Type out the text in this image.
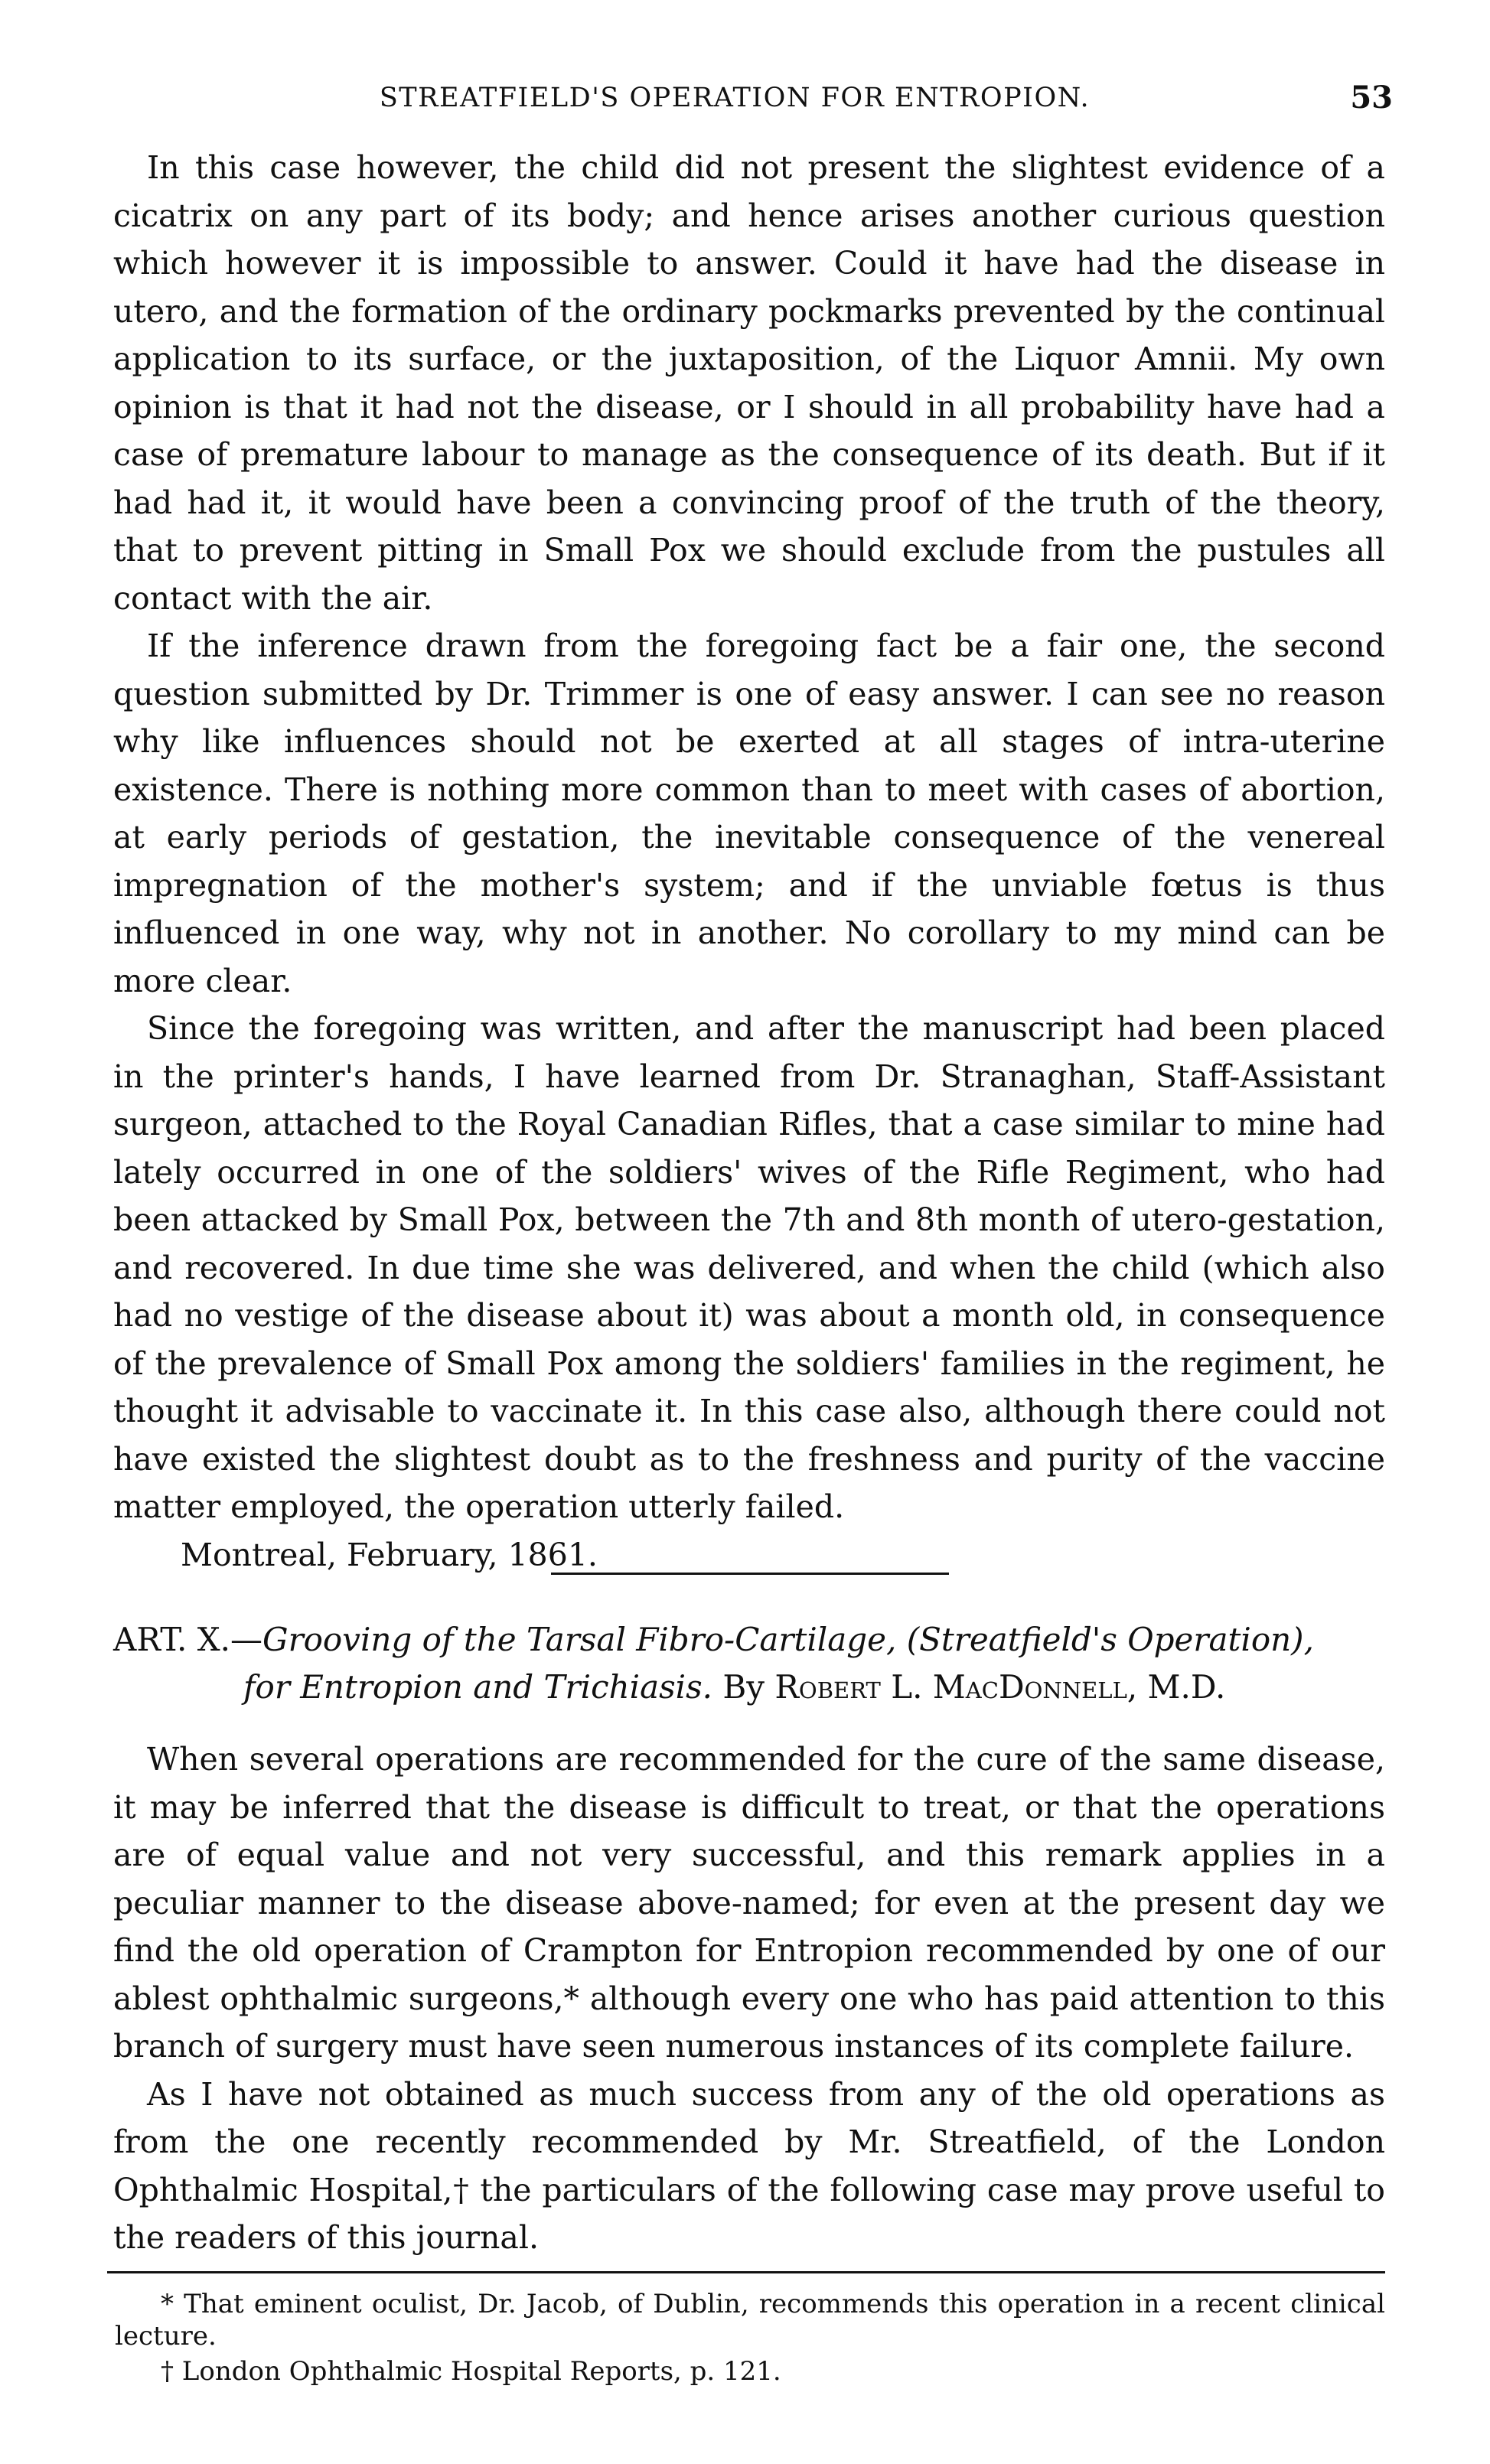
STREATFIELD'S OPERATION FOR ENTROPION.	53

In this case however, the child did not present the slightest evidence of a cicatrix on any part of its body; and hence arises another curious question which however it is impossible to answer. Could it have had the disease in utero, and the formation of the ordinary pockmarks prevented by the continual application to its surface, or the juxtaposition, of the Liquor Amnii. My own opinion is that it had not the disease, or I should in all probability have had a case of premature labour to manage as the consequence of its death. But if it had had it, it would have been a convincing proof of the truth of the theory, that to prevent pitting in Small Pox we should exclude from the pustules all contact with the air.

If the inference drawn from the foregoing fact be a fair one, the second question submitted by Dr. Trimmer is one of easy answer. I can see no reason why like influences should not be exerted at all stages of intra-uterine existence. There is nothing more common than to meet with cases of abortion, at early periods of gestation, the inevitable consequence of the venereal impregnation of the mother's system; and if the unviable fœtus is thus influenced in one way, why not in another. No corollary to my mind can be more clear.

Since the foregoing was written, and after the manuscript had been placed in the printer's hands, I have learned from Dr. Stranaghan, Staff-Assistant surgeon, attached to the Royal Canadian Rifles, that a case similar to mine had lately occurred in one of the soldiers' wives of the Rifle Regiment, who had been attacked by Small Pox, between the 7th and 8th month of utero-gestation, and recovered. In due time she was delivered, and when the child (which also had no vestige of the disease about it) was about a month old, in consequence of the prevalence of Small Pox among the soldiers' families in the regiment, he thought it advisable to vaccinate it. In this case also, although there could not have existed the slightest doubt as to the freshness and purity of the vaccine matter employed, the operation utterly failed.

Montreal, February, 1861.

ART. X.—Grooving of the Tarsal Fibro-Cartilage, (Streatfield's Operation),
for Entropion and Trichiasis. By Robert L. MacDonnell, M.D.

When several operations are recommended for the cure of the same disease, it may be inferred that the disease is difficult to treat, or that the operations are of equal value and not very successful, and this remark applies in a peculiar manner to the disease above-named; for even at the present day we find the old operation of Crampton for Entropion recommended by one of our ablest ophthalmic surgeons,* although every one who has paid attention to this branch of surgery must have seen numerous instances of its complete failure.

As I have not obtained as much success from any of the old operations as from the one recently recommended by Mr. Streatfield, of the London Ophthalmic Hospital,† the particulars of the following case may prove useful to the readers of this journal.

* That eminent oculist, Dr. Jacob, of Dublin, recommends this operation in a recent clinical lecture.

† London Ophthalmic Hospital Reports, p. 121.
